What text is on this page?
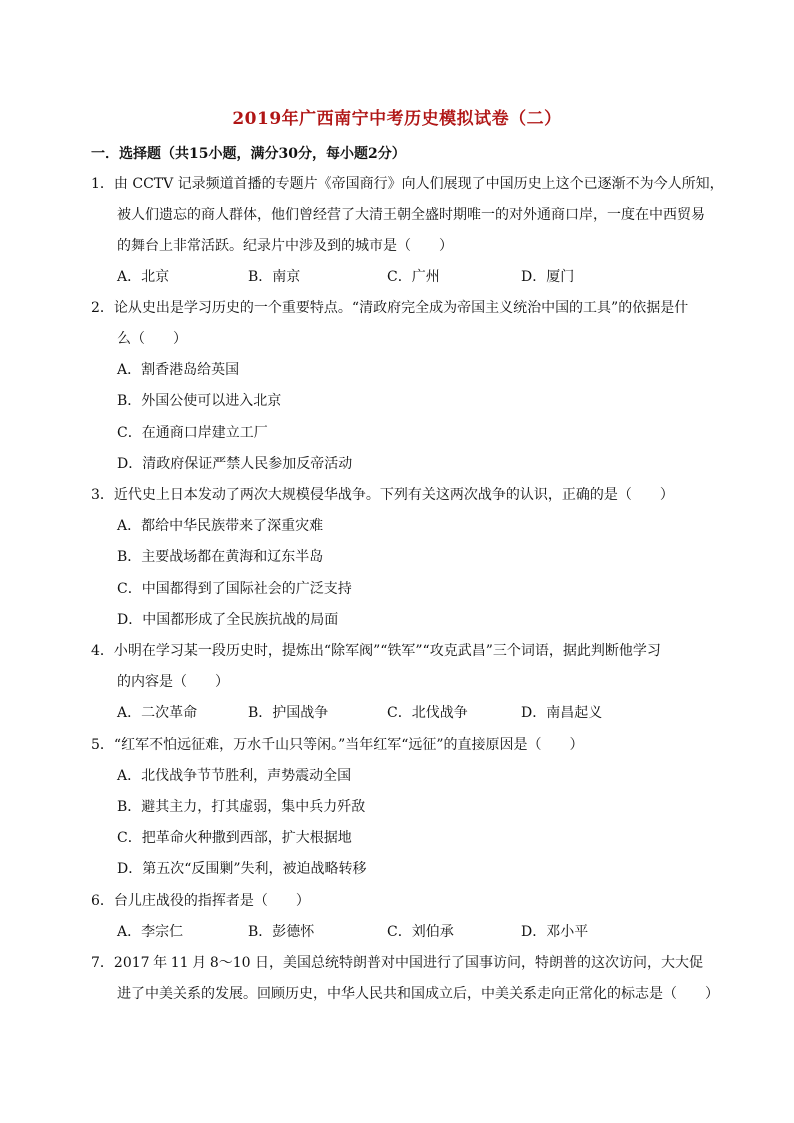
2019年广西南宁中考历史模拟试卷（二）
一．选择题（共15小题，满分30分，每小题2分）
1．由 CCTV 记录频道首播的专题片《帝国商行》向人们展现了中国历史上这个已逐渐不为今人所知，
被人们遗忘的商人群体，他们曾经营了大清王朝全盛时期唯一的对外通商口岸，一度在中西贸易
的舞台上非常活跃。纪录片中涉及到的城市是（　　）
A．北京	B．南京	C．广州	D．厦门
2．论从史出是学习历史的一个重要特点。“清政府完全成为帝国主义统治中国的工具”的依据是什
么（　　）
A．割香港岛给英国
B．外国公使可以进入北京
C．在通商口岸建立工厂
D．清政府保证严禁人民参加反帝活动
3．近代史上日本发动了两次大规模侵华战争。下列有关这两次战争的认识，正确的是（　　）
A．都给中华民族带来了深重灾难
B．主要战场都在黄海和辽东半岛
C．中国都得到了国际社会的广泛支持
D．中国都形成了全民族抗战的局面
4．小明在学习某一段历史时，提炼出“除军阀”“铁军”“攻克武昌”三个词语，据此判断他学习
的内容是（　　）
A．二次革命	B．护国战争	C．北伐战争	D．南昌起义
5．“红军不怕远征难，万水千山只等闲。”当年红军“远征”的直接原因是（　　）
A．北伐战争节节胜利，声势震动全国
B．避其主力，打其虚弱，集中兵力歼敌
C．把革命火种撒到西部，扩大根据地
D．第五次“反围剿”失利，被迫战略转移
6．台儿庄战役的指挥者是（　　）
A．李宗仁	B．彭德怀	C．刘伯承	D．邓小平
7．2017 年 11 月 8～10 日，美国总统特朗普对中国进行了国事访问，特朗普的这次访问，大大促
进了中美关系的发展。回顾历史，中华人民共和国成立后，中美关系走向正常化的标志是（　　）
